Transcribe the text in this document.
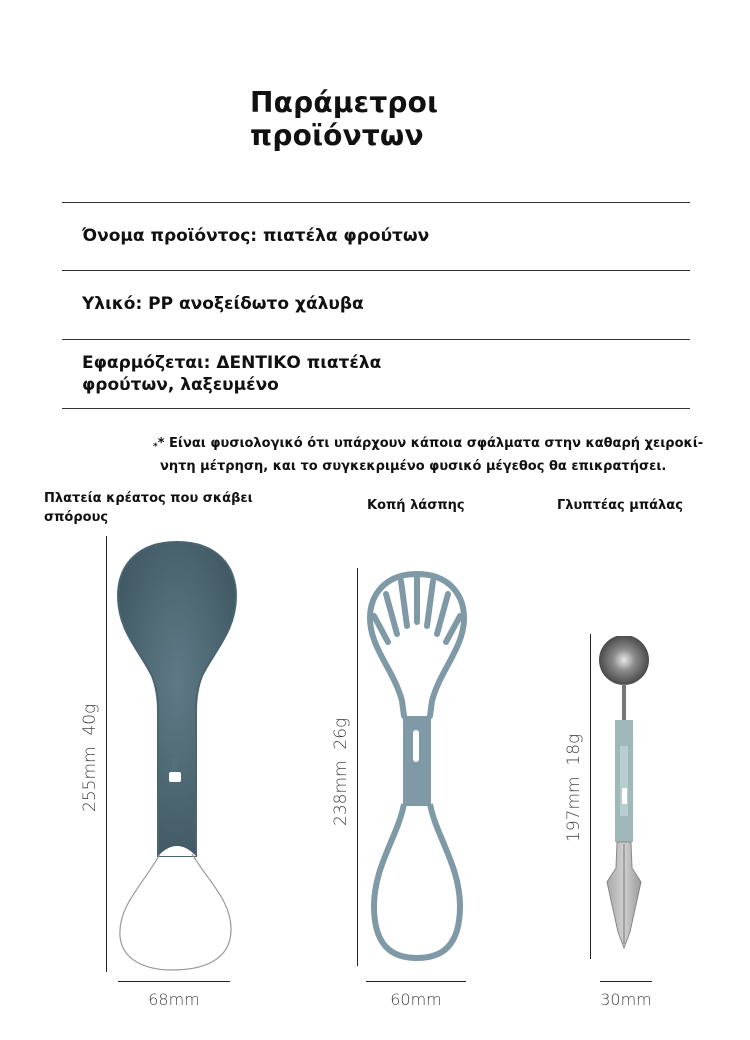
Παράμετροι
προϊόντων
Όνομα προϊόντος: πιατέλα φρούτων
Υλικό: PP ανοξείδωτο χάλυβα
Εφαρμόζεται: ΔΕΝΤΙΚΟ πιατέλα
φρούτων, λαξευμένο
** Είναι φυσιολογικό ότι υπάρχουν κάποια σφάλματα στην καθαρή χειροκί-
νητη μέτρηση, και το συγκεκριμένο φυσικό μέγεθος θα επικρατήσει.
Πλατεία κρέατος που σκάβει
σπόρους
255mm  40g
68mm
Κοπή λάσπης
238mm  26g
60mm
Γλυπτέας μπάλας
197mm  18g
30mm
